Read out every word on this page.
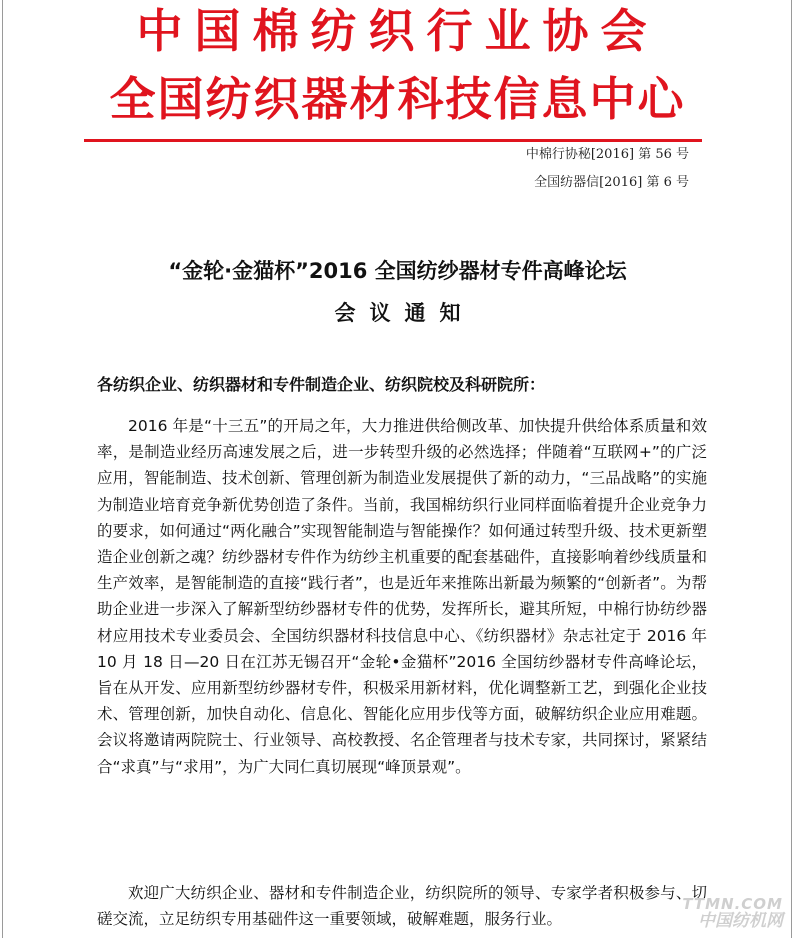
中国棉纺织行业协会
全国纺织器材科技信息中心
中棉行协秘[2016] 第 56 号
全国纺器信[2016] 第 6 号
“金轮·金猫杯”2016 全国纺纱器材专件高峰论坛
会议通知
各纺织企业、纺织器材和专件制造企业、纺织院校及科研院所：
2016 年是“十三五”的开局之年，大力推进供给侧改革、加快提升供给体系质量和效率，是制造业经历高速发展之后，进一步转型升级的必然选择；伴随着“互联网+”的广泛应用，智能制造、技术创新、管理创新为制造业发展提供了新的动力，“三品战略”的实施为制造业培育竞争新优势创造了条件。当前，我国棉纺织行业同样面临着提升企业竞争力的要求，如何通过“两化融合”实现智能制造与智能操作？如何通过转型升级、技术更新塑造企业创新之魂？纺纱器材专件作为纺纱主机重要的配套基础件，直接影响着纱线质量和生产效率，是智能制造的直接“践行者”，也是近年来推陈出新最为频繁的“创新者”。为帮助企业进一步深入了解新型纺纱器材专件的优势，发挥所长，避其所短，中棉行协纺纱器材应用技术专业委员会、全国纺织器材科技信息中心、《纺织器材》杂志社定于 2016 年 10 月 18 日—20 日在江苏无锡召开“金轮•金猫杯”2016 全国纺纱器材专件高峰论坛，旨在从开发、应用新型纺纱器材专件，积极采用新材料，优化调整新工艺，到强化企业技术、管理创新，加快自动化、信息化、智能化应用步伐等方面，破解纺织企业应用难题。会议将邀请两院院士、行业领导、高校教授、名企管理者与技术专家，共同探讨，紧紧结合“求真”与“求用”，为广大同仁真切展现“峰顶景观”。
欢迎广大纺织企业、器材和专件制造企业，纺织院所的领导、专家学者积极参与、切磋交流，立足纺织专用基础件这一重要领域，破解难题，服务行业。
TTMN.COM
中国纺机网
